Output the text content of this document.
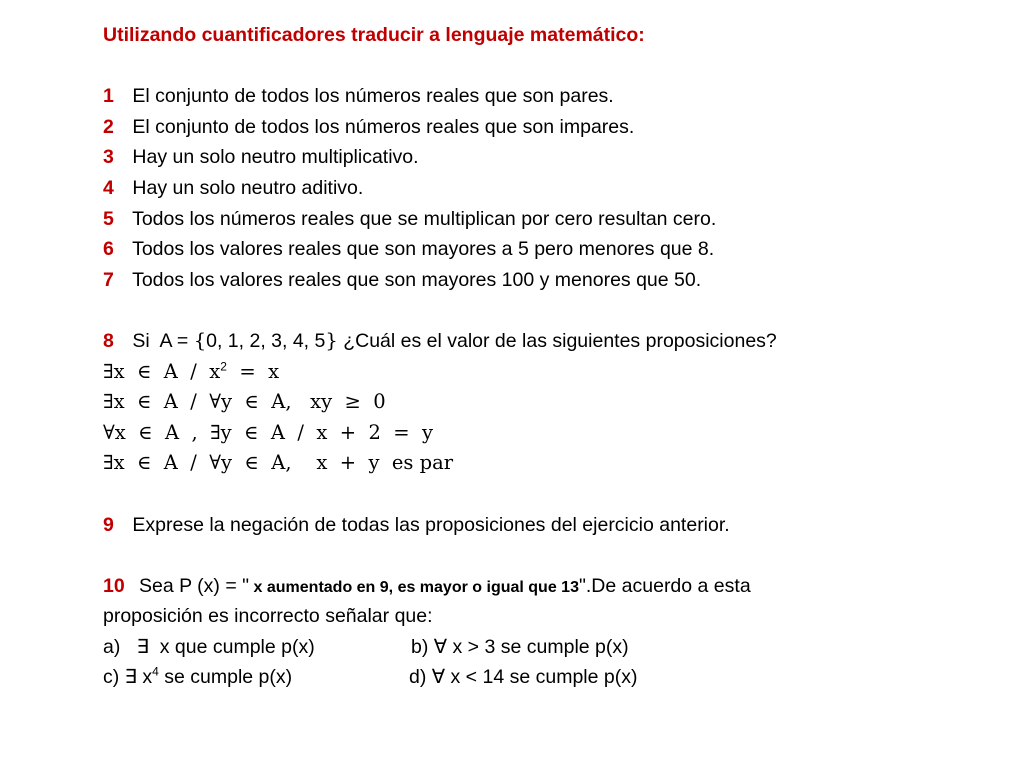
Utilizando cuantificadores traducir a lenguaje matemático:
1 El conjunto de todos los números reales que son pares.
2 El conjunto de todos los números reales que son impares.
3 Hay un solo neutro multiplicativo.
4 Hay un solo neutro aditivo.
5 Todos los números reales que se multiplican por cero resultan cero.
6 Todos los valores reales que son mayores a 5 pero menores que 8.
7 Todos los valores reales que son mayores 100 y menores que 50.
8 Si  A = {0, 1, 2, 3, 4, 5} ¿Cuál es el valor de las siguientes proposiciones?
∃x  ∈  $A / x^2 = x$
∃x  ∈  A  /  ∀y  ∈  A,   xy  ≥  0
∀x  ∈  A  ,  ∃y  ∈  A  /  x  +  2  =  y
∃x  ∈  A  /  ∀y  ∈  A,    x  +  y  es par
9 Exprese la negación de todas las proposiciones del ejercicio anterior.
10 Sea P (x) = " x aumentado en 9, es mayor o igual que 13".De acuerdo a esta
proposición es incorrecto señalar que:
a)   ∃  x que cumple p(x)	b) ∀ x > 3 se cumple p(x)
c) ∃ $x^4$ se cumple p(x)	d) ∀ x < 14 se cumple p(x)
